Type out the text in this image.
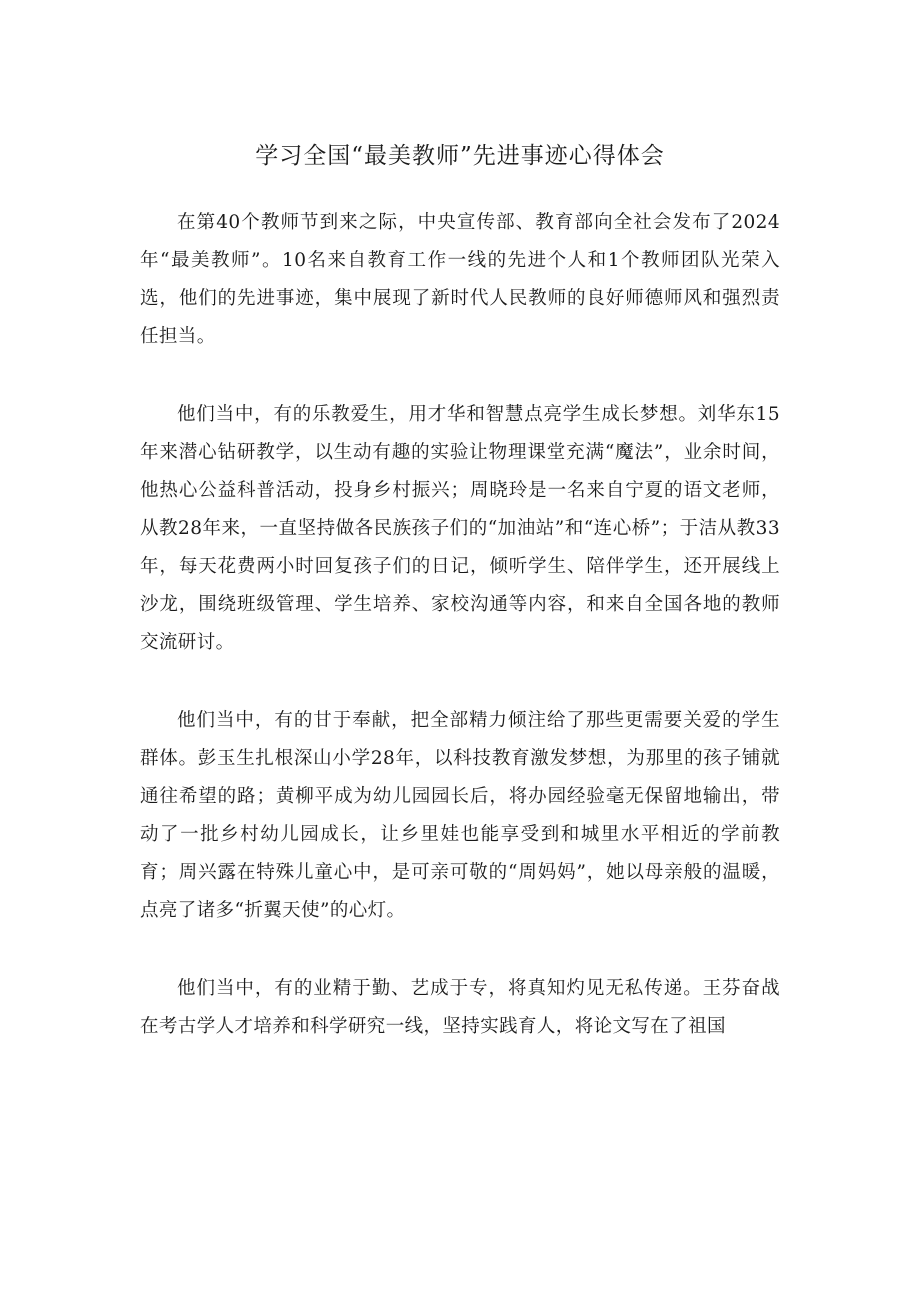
学习全国“最美教师”先进事迹心得体会

在第40个教师节到来之际，中央宣传部、教育部向全社会发布了2024年“最美教师”。10名来自教育工作一线的先进个人和1个教师团队光荣入选，他们的先进事迹，集中展现了新时代人民教师的良好师德师风和强烈责任担当。

他们当中，有的乐教爱生，用才华和智慧点亮学生成长梦想。刘华东15年来潜心钻研教学，以生动有趣的实验让物理课堂充满“魔法”，业余时间，他热心公益科普活动，投身乡村振兴；周晓玲是一名来自宁夏的语文老师，从教28年来，一直坚持做各民族孩子们的“加油站”和“连心桥”；于洁从教33年，每天花费两小时回复孩子们的日记，倾听学生、陪伴学生，还开展线上沙龙，围绕班级管理、学生培养、家校沟通等内容，和来自全国各地的教师交流研讨。

他们当中，有的甘于奉献，把全部精力倾注给了那些更需要关爱的学生群体。彭玉生扎根深山小学28年，以科技教育激发梦想，为那里的孩子铺就通往希望的路；黄柳平成为幼儿园园长后，将办园经验毫无保留地输出，带动了一批乡村幼儿园成长，让乡里娃也能享受到和城里水平相近的学前教育；周兴露在特殊儿童心中，是可亲可敬的“周妈妈”，她以母亲般的温暖，点亮了诸多“折翼天使”的心灯。

他们当中，有的业精于勤、艺成于专，将真知灼见无私传递。王芬奋战在考古学人才培养和科学研究一线，坚持实践育人，将论文写在了祖国
